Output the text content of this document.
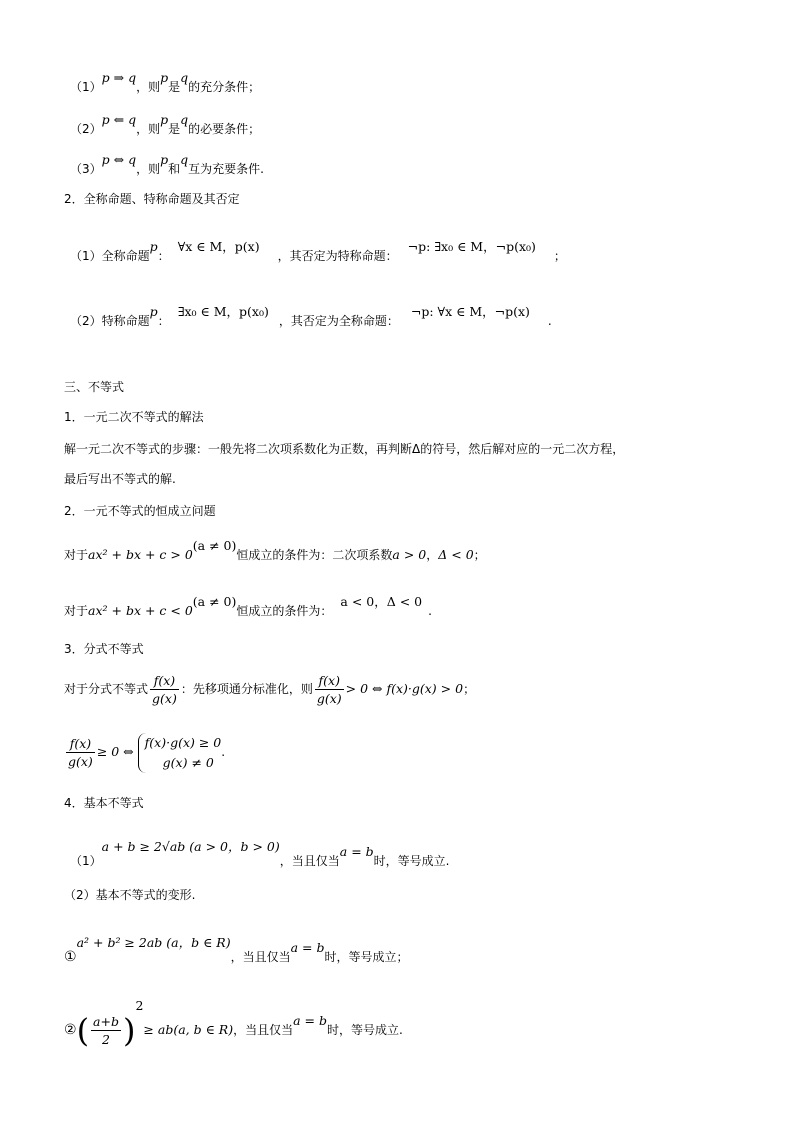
（1）p ⇒ q，则p是q的充分条件；
（2）p ⇐ q，则p是q的必要条件；
（3）p ⇔ q，则p和q互为充要条件.
2．全称命题、特称命题及其否定
（1）全称命题p：∀x ∈ M，p(x)，其否定为特称命题：¬p: ∃x₀ ∈ M，¬p(x₀)；
（2）特称命题p：∃x₀ ∈ M，p(x₀)，其否定为全称命题：¬p: ∀x ∈ M，¬p(x).
三、不等式
1．一元二次不等式的解法
解一元二次不等式的步骤：一般先将二次项系数化为正数，再判断Δ的符号，然后解对应的一元二次方程，
最后写出不等式的解.
2．一元不等式的恒成立问题
对于ax² + bx + c > 0(a ≠ 0)恒成立的条件为：二次项系数a > 0，Δ < 0；
对于ax² + bx + c < 0(a ≠ 0)恒成立的条件为：a < 0，Δ < 0.
3．分式不等式
对于分式不等式 $\frac{f(x)}{g(x)}$ ：先移项通分标准化，则 $\frac{f(x)}{g(x)} > 0$ ⇔ f(x)·g(x) > 0；
$\frac{f(x)}{g(x)} \ge 0$ ⇔
f(x)·g(x) ≥ 0
g(x) ≠ 0
.
4．基本不等式
（1）a + b ≥ 2√ab (a > 0，b > 0)，当且仅当a = b时，等号成立.
（2）基本不等式的变形.
①a² + b² ≥ 2ab (a，b ∈ R)，当且仅当a = b时，等号成立；
②( $\frac{a+b}{2} )^2\ge ab(a$, b ∈ R)，当且仅当a = b时，等号成立.
